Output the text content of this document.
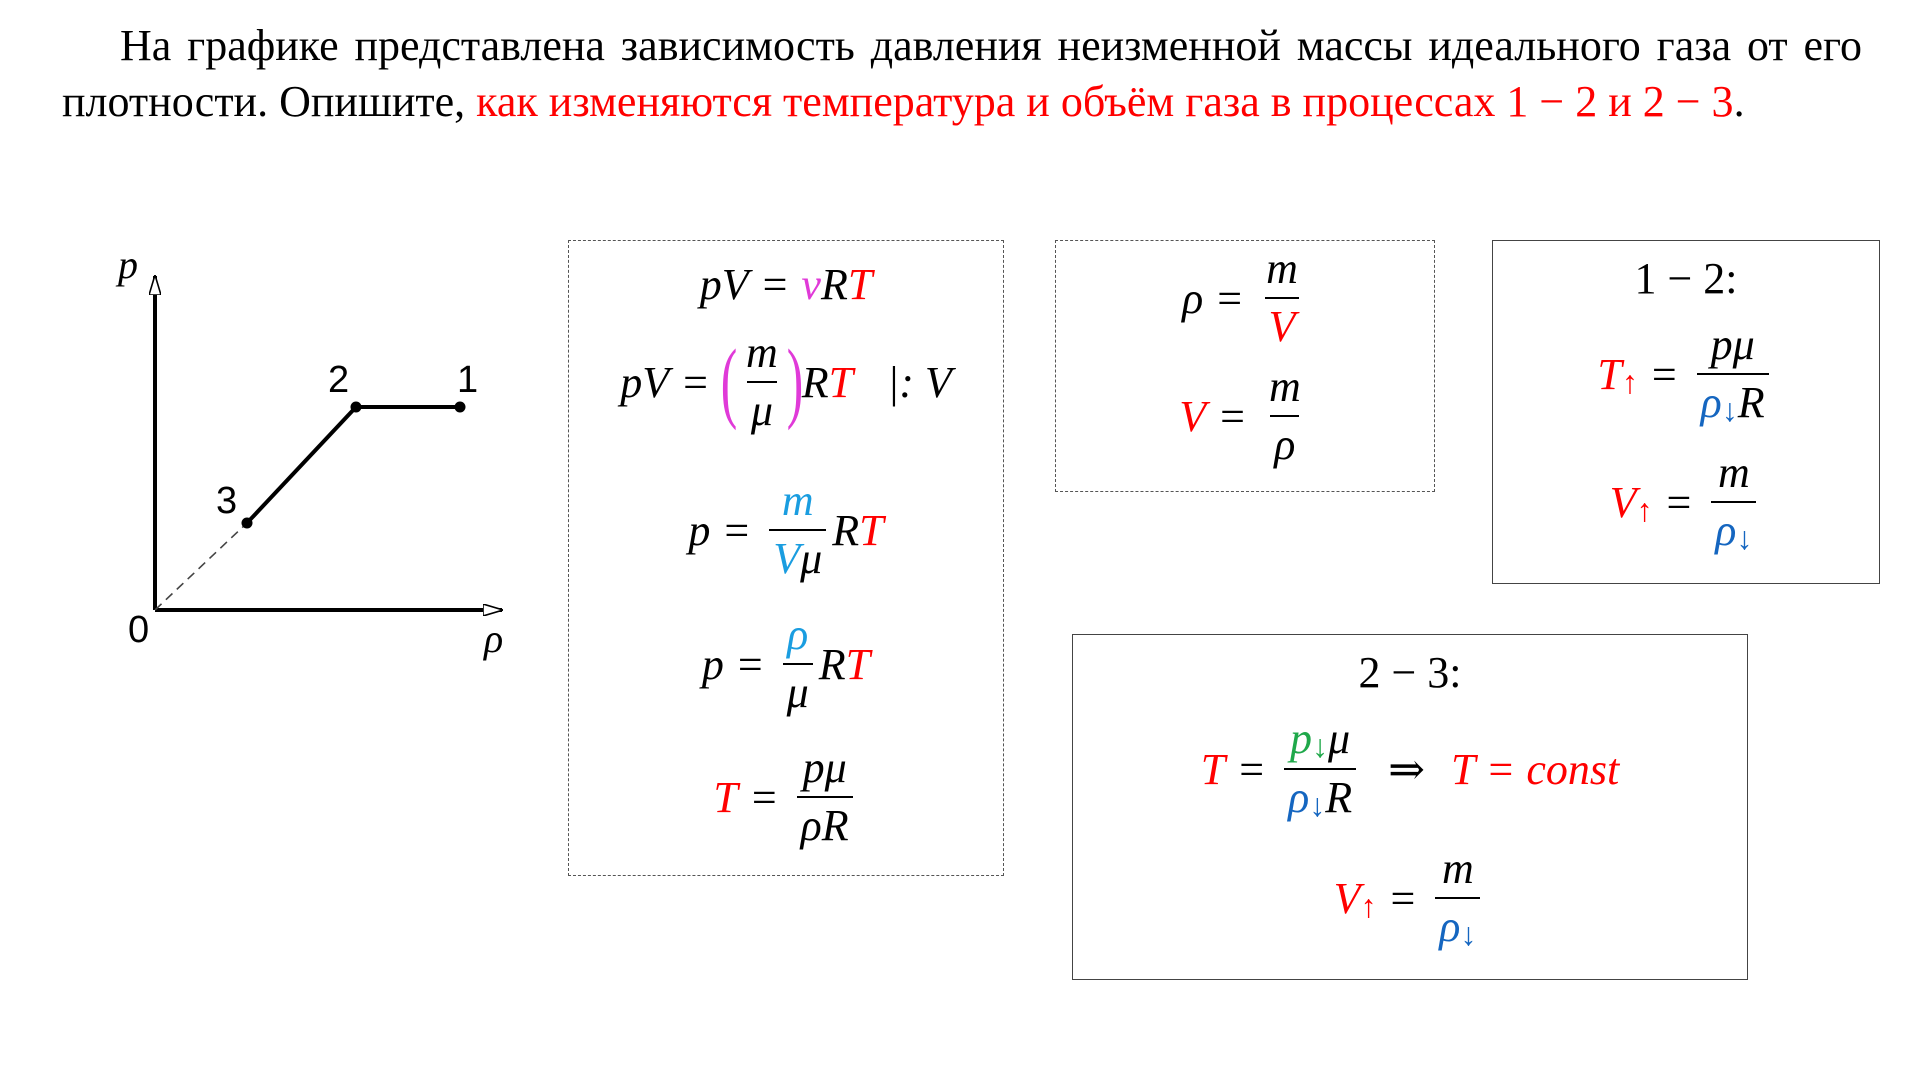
На графике представлена зависимость давления неизменной массы идеального газа от его плотности. Опишите, как изменяются температура и объём газа в процессах 1 − 2 и 2 − 3.
p
ρ
0
1
2
3
pV = ν R T
pV = ( $\frac{m}{\mu}$ )
R T |: V
$p = \frac{m}{V\mu}$ R T
$p = \frac{\rho}{\mu}$ R T
$T = \frac{p\mu}{\rho R}$
$\rho = \frac{m}{V}$
$V = \frac{m}{\rho}$
1 − 2:
T↑ = $\frac{p\mu}{\rho↓R}$
V↑ = $\frac{m}{\rho↓}$
2 − 3:
$T = \frac{p↓\mu}{\rho↓R}$ ⇒ T = const
V↑ = $\frac{m}{\rho↓}$
